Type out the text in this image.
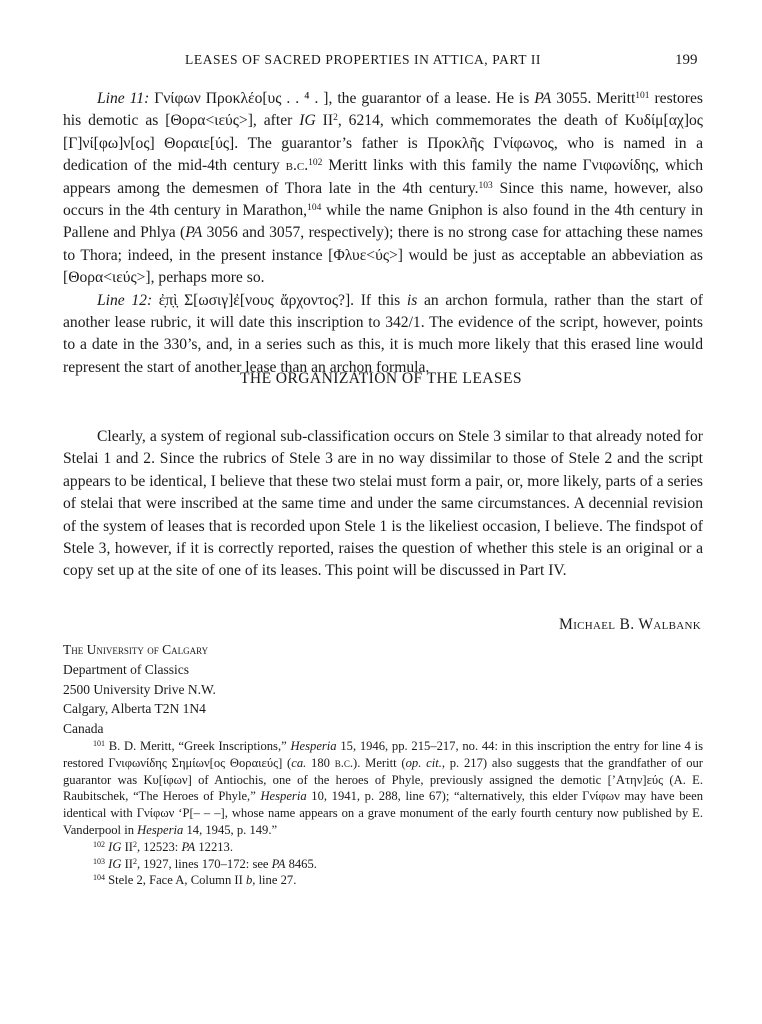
LEASES OF SACRED PROPERTIES IN ATTICA, PART II	199

Line 11: Γνίφων Προκλέο[υς . . ⁴ . ], the guarantor of a lease. He is PA 3055. Meritt$^{101}$ restores his demotic as [Θορα<ιεύς>], after IG $II^2$, 6214, which commemorates the death of Κυδίμ[αχ]ος [Γ]νί[φω]ν[ος] Θοραιε[ύς]. The guarantor’s father is Προκλῆς Γνίφωνος, who is named in a dedication of the mid-4th century b.c.$^{102}$ Meritt links with this family the name Γνιφωνίδης, which appears among the demesmen of Thora late in the 4th century.$^{103}$ Since this name, however, also occurs in the 4th century in Marathon,$^{104}$ while the name Gniphon is also found in the 4th century in Pallene and Phlya (PA 3056 and 3057, respectively); there is no strong case for attaching these names to Thora; indeed, in the present instance [Φλυε<ύς>] would be just as acceptable an abbeviation as [Θορα<ιεύς>], perhaps more so.

Line 12: ἐ̣π̣ὶ̣ Σ[ωσιγ]ἐ[νους ἄρχοντος?]. If this is an archon formula, rather than the start of another lease rubric, it will date this inscription to 342/1. The evidence of the script, however, points to a date in the 330’s, and, in a series such as this, it is much more likely that this erased line would represent the start of another lease than an archon formula.

THE ORGANIZATION OF THE LEASES

Clearly, a system of regional sub-classification occurs on Stele 3 similar to that already noted for Stelai 1 and 2. Since the rubrics of Stele 3 are in no way dissimilar to those of Stele 2 and the script appears to be identical, I believe that these two stelai must form a pair, or, more likely, parts of a series of stelai that were inscribed at the same time and under the same circumstances. A decennial revision of the system of leases that is recorded upon Stele 1 is the likeliest occasion, I believe. The findspot of Stele 3, however, if it is correctly reported, raises the question of whether this stele is an original or a copy set up at the site of one of its leases. This point will be discussed in Part IV.

Michael B. Walbank
The University of Calgary
Department of Classics
2500 University Drive N.W.
Calgary, Alberta T2N 1N4
Canada

$^{101}$ B. D. Meritt, “Greek Inscriptions,” Hesperia 15, 1946, pp. 215–217, no. 44: in this inscription the entry for line 4 is restored Γνιφωνίδης Σημίων[ος Θοραιεύς] (ca. 180 b.c.). Meritt (op. cit., p. 217) also suggests that the grandfather of our guarantor was Κυ[ίφων] of Antiochis, one of the heroes of Phyle, previously assigned the demotic [’Ατην]εύς (A. E. Raubitschek, “The Heroes of Phyle,” Hesperia 10, 1941, p. 288, line 67); “alternatively, this elder Γνίφων may have been identical with Γνίφων ‘Ρ[– – –], whose name appears on a grave monument of the early fourth century now published by E. Vanderpool in Hesperia 14, 1945, p. 149.”

$^{102}$ IG $II^2$, 12523: PA 12213.

$^{103}$ IG $II^2$, 1927, lines 170–172: see PA 8465.

$^{104}$ Stele 2, Face A, Column II b, line 27.
